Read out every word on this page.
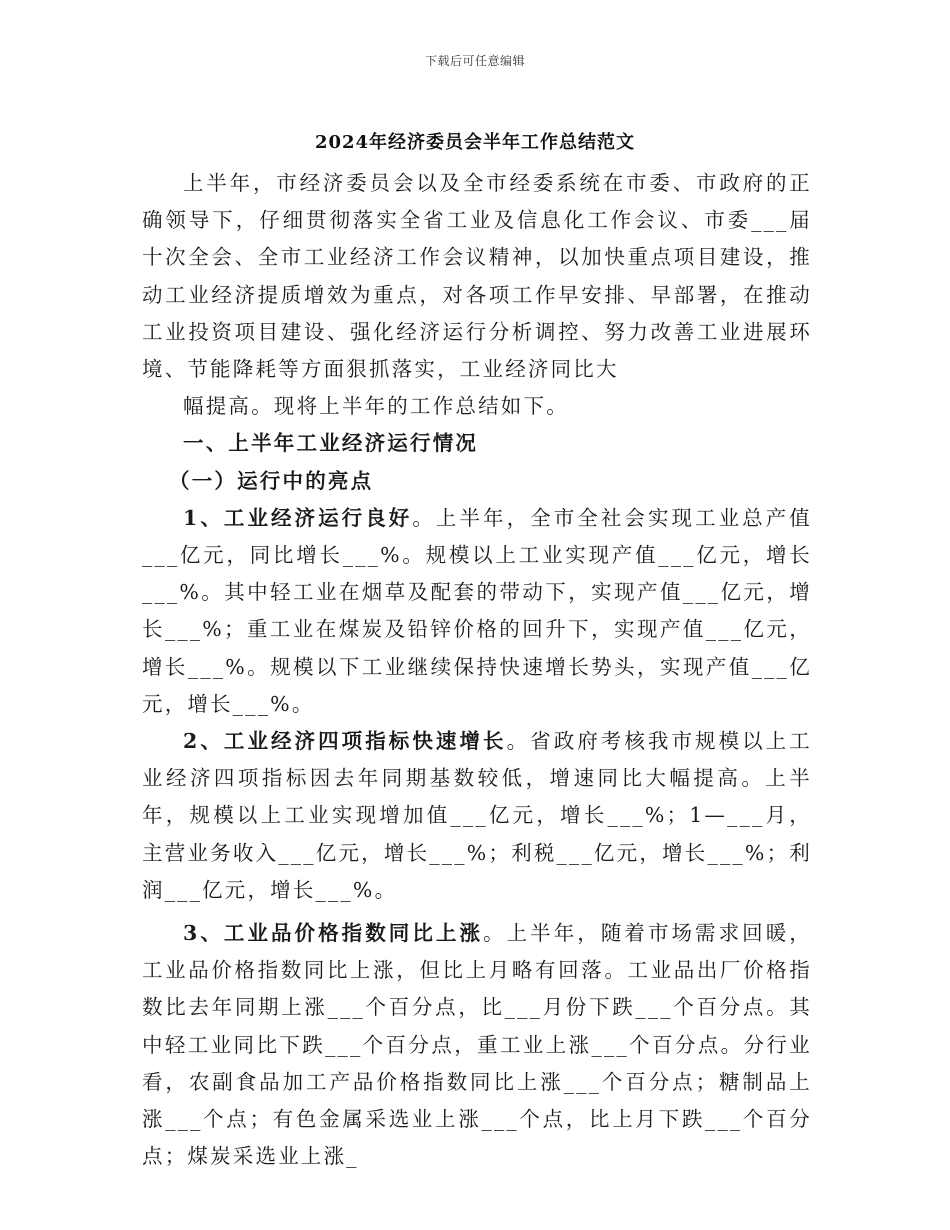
下载后可任意编辑
2024年经济委员会半年工作总结范文

上半年，市经济委员会以及全市经委系统在市委、市政府的正确领导下，仔细贯彻落实全省工业及信息化工作会议、市委___届十次全会、全市工业经济工作会议精神，以加快重点项目建设，推动工业经济提质增效为重点，对各项工作早安排、早部署，在推动工业投资项目建设、强化经济运行分析调控、努力改善工业进展环境、节能降耗等方面狠抓落实，工业经济同比大

幅提高。现将上半年的工作总结如下。

一、上半年工业经济运行情况

（一）运行中的亮点

1、工业经济运行良好。上半年，全市全社会实现工业总产值___亿元，同比增长___%。规模以上工业实现产值___亿元，增长___%。其中轻工业在烟草及配套的带动下，实现产值___亿元，增长___%；重工业在煤炭及铅锌价格的回升下，实现产值___亿元，增长___%。规模以下工业继续保持快速增长势头，实现产值___亿元，增长___%。

2、工业经济四项指标快速增长。省政府考核我市规模以上工业经济四项指标因去年同期基数较低，增速同比大幅提高。上半年，规模以上工业实现增加值___亿元，增长___%；1—___月，主营业务收入___亿元，增长___%；利税___亿元，增长___%；利润___亿元，增长___%。

3、工业品价格指数同比上涨。上半年，随着市场需求回暖，工业品价格指数同比上涨，但比上月略有回落。工业品出厂价格指数比去年同期上涨___个百分点，比___月份下跌___个百分点。其中轻工业同比下跌___个百分点，重工业上涨___个百分点。分行业看，农副食品加工产品价格指数同比上涨___个百分点；糖制品上涨___个点；有色金属采选业上涨___个点，比上月下跌___个百分点；煤炭采选业上涨_
